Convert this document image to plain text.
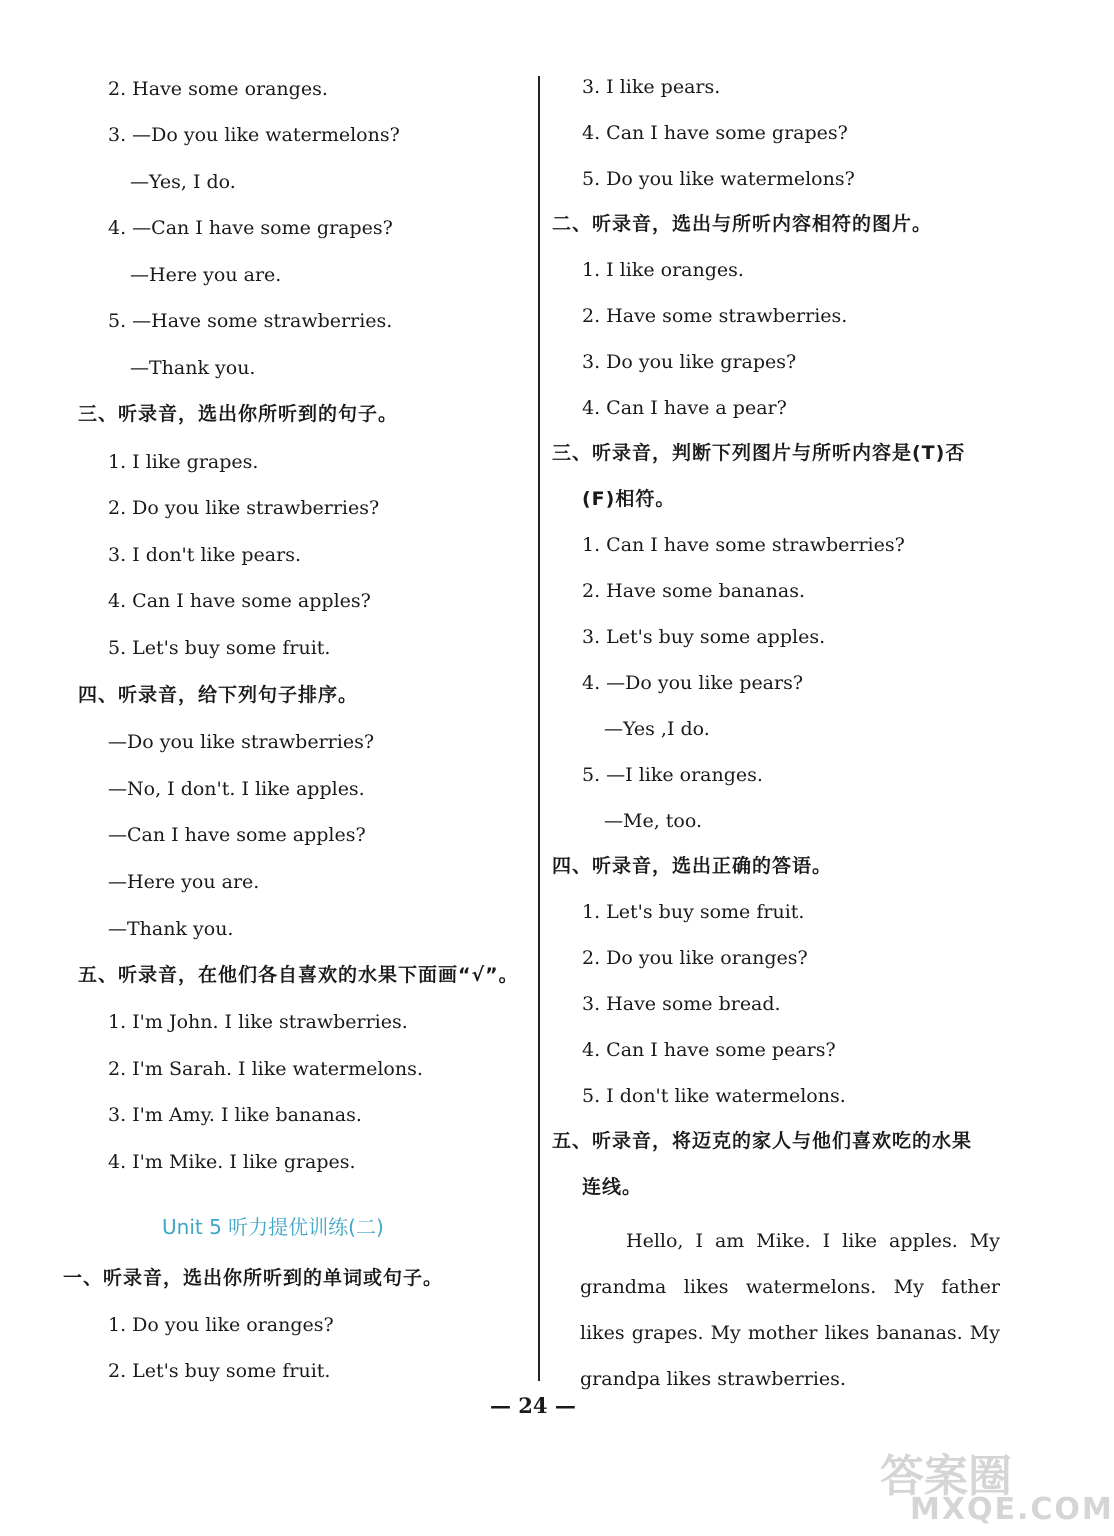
2. Have some oranges.
3. —Do you like watermelons?
—Yes, I do.
4. —Can I have some grapes?
—Here you are.
5. —Have some strawberries.
—Thank you.
三、听录音，选出你所听到的句子。
1. I like grapes.
2. Do you like strawberries?
3. I don't like pears.
4. Can I have some apples?
5. Let's buy some fruit.
四、听录音，给下列句子排序。
—Do you like strawberries?
—No, I don't. I like apples.
—Can I have some apples?
—Here you are.
—Thank you.
五、听录音，在他们各自喜欢的水果下面画“√”。
1. I'm John. I like strawberries.
2. I'm Sarah. I like watermelons.
3. I'm Amy. I like bananas.
4. I'm Mike. I like grapes.
Unit 5 听力提优训练(二)
一、听录音，选出你所听到的单词或句子。
1. Do you like oranges?
2. Let's buy some fruit.
3. I like pears.
4. Can I have some grapes?
5. Do you like watermelons?
二、听录音，选出与所听内容相符的图片。
1. I like oranges.
2. Have some strawberries.
3. Do you like grapes?
4. Can I have a pear?
三、听录音，判断下列图片与所听内容是(T)否
(F)相符。
1. Can I have some strawberries?
2. Have some bananas.
3. Let's buy some apples.
4. —Do you like pears?
—Yes ,I do.
5. —I like oranges.
—Me, too.
四、听录音，选出正确的答语。
1. Let's buy some fruit.
2. Do you like oranges?
3. Have some bread.
4. Can I have some pears?
5. I don't like watermelons.
五、听录音，将迈克的家人与他们喜欢吃的水果
连线。
Hello, I am Mike. I like apples. My grandma likes watermelons. My father likes grapes. My mother likes bananas. My grandpa likes strawberries.
— 24 —
答案圈
MXQE.COM
